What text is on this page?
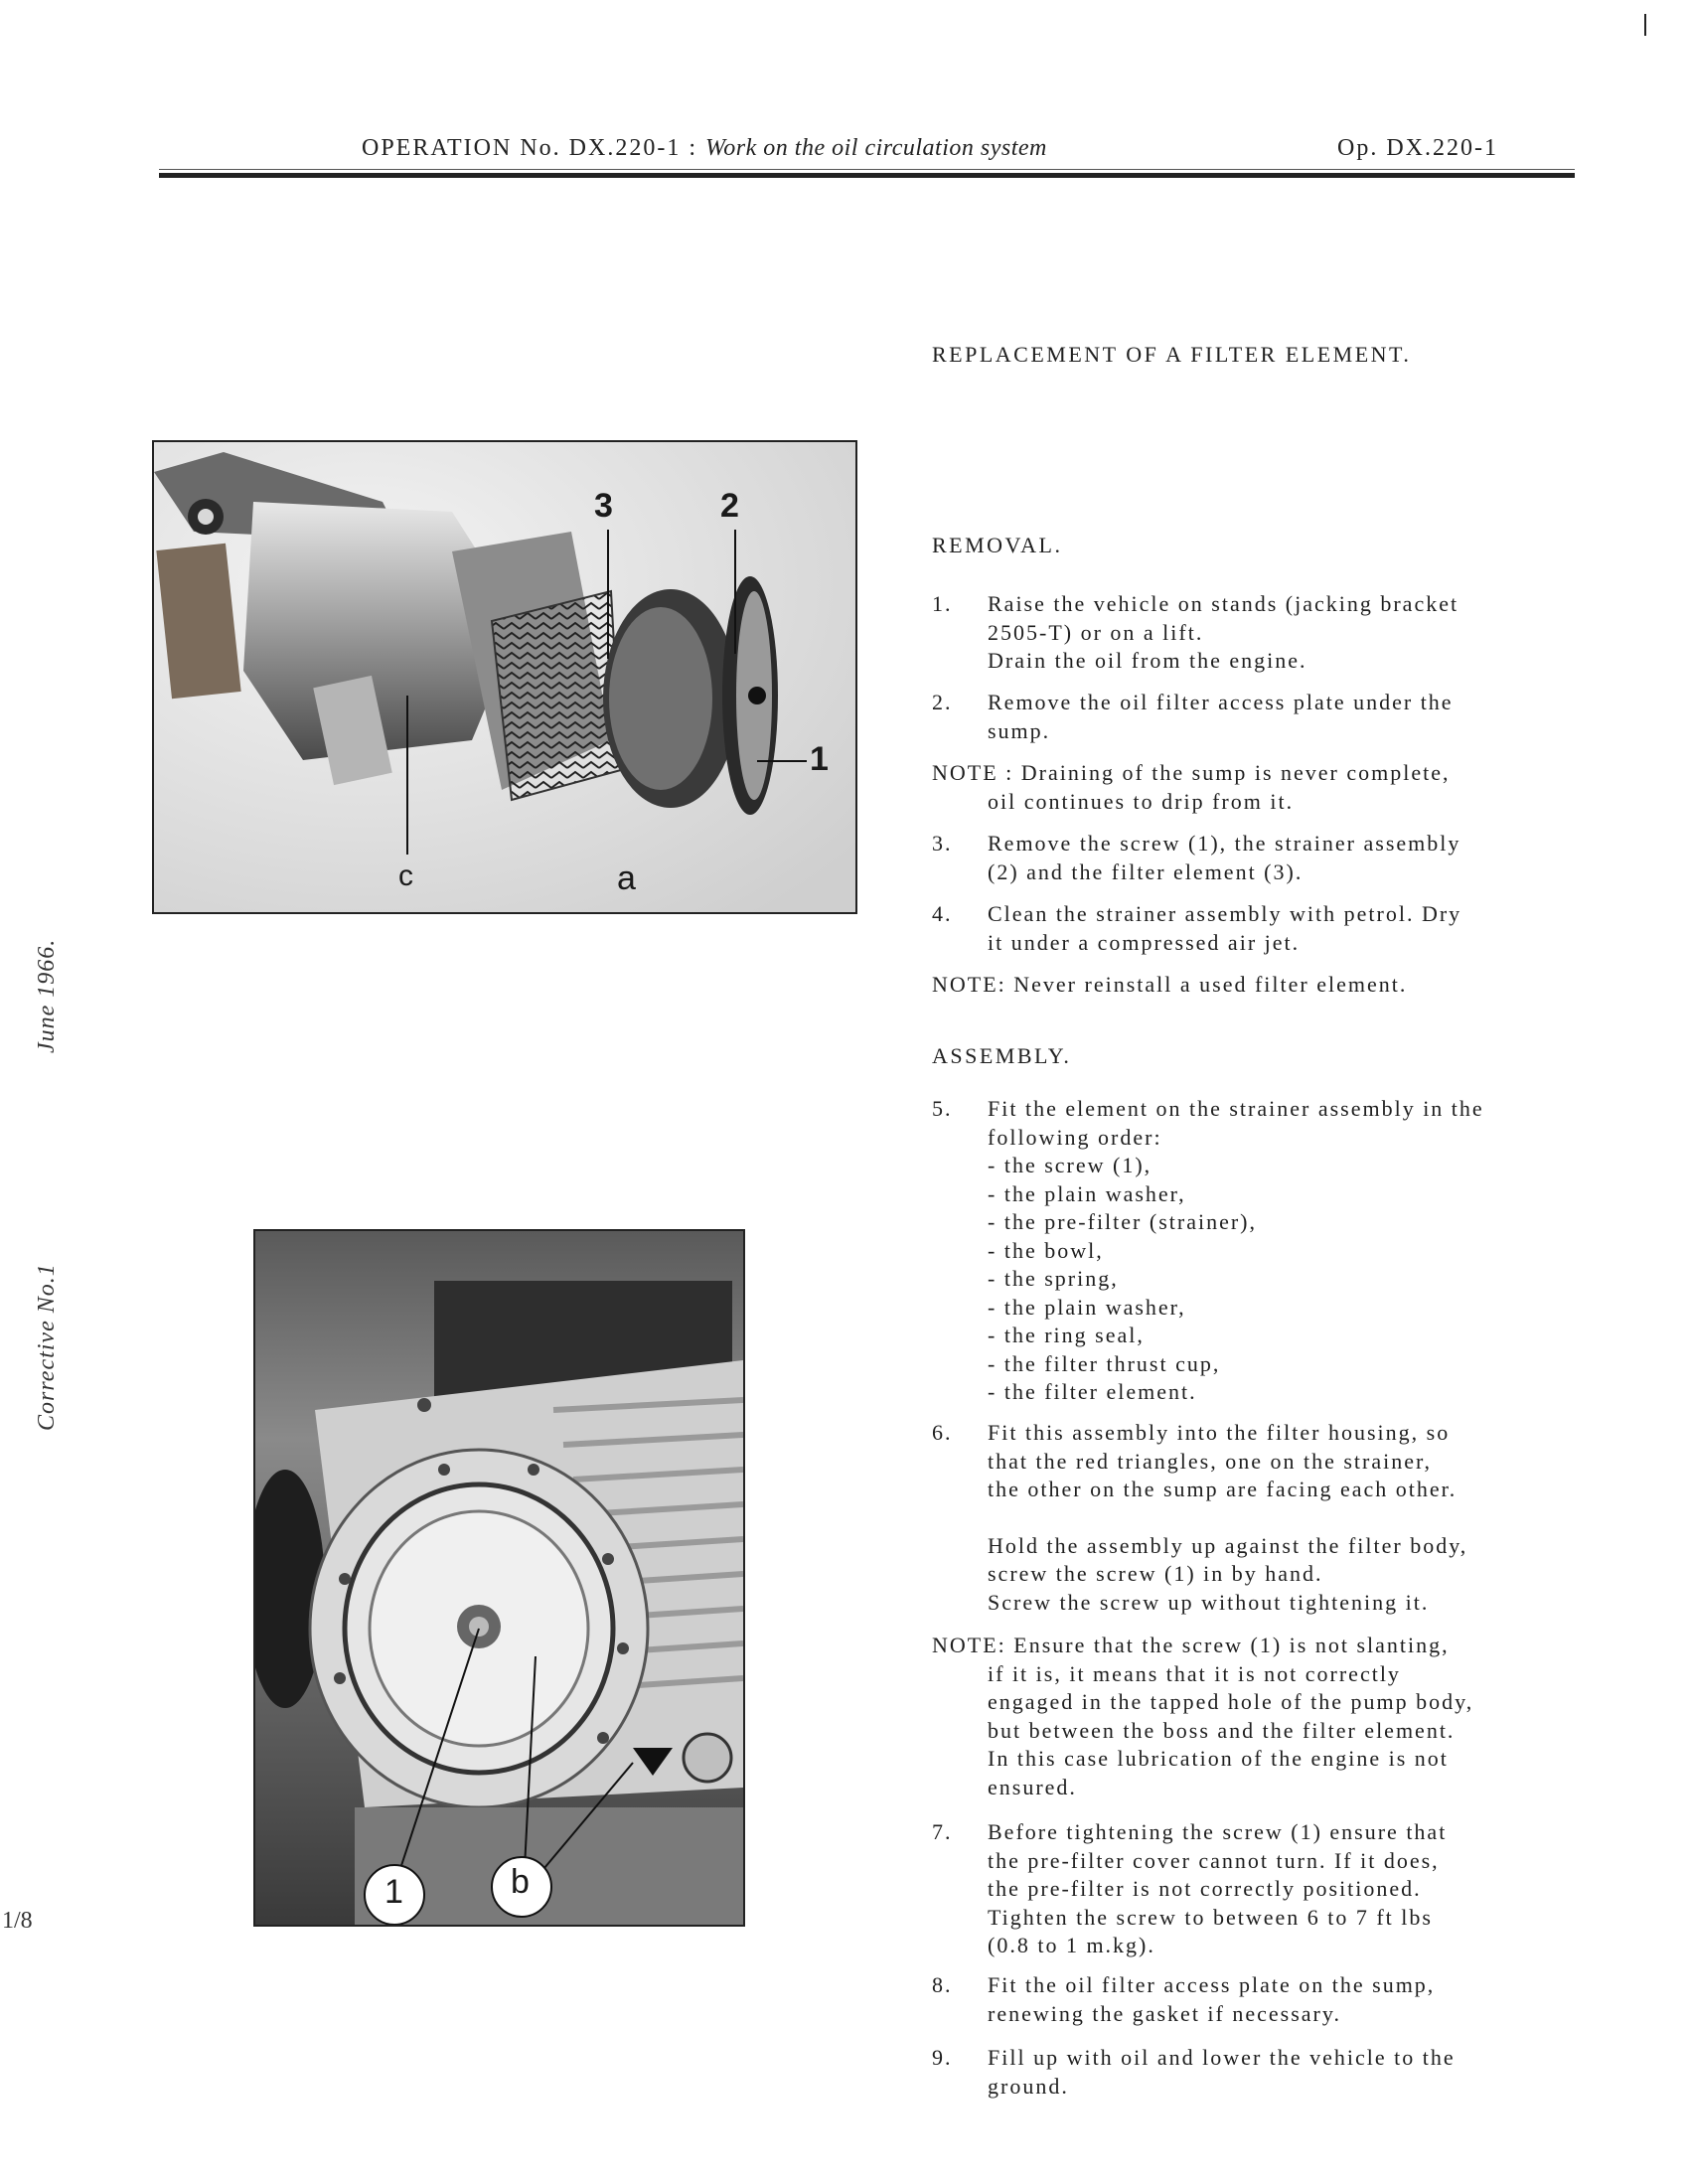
OPERATION No. DX.220-1 : Work on the oil circulation system	Op. DX.220-1
June 1966.
Corrective No.1
1/8
REPLACEMENT OF A FILTER ELEMENT.
3	2
1
c	a
1	b
REMOVAL.
1. Raise the vehicle on stands (jacking bracket
2505-T) or on a lift.
Drain the oil from the engine.
2. Remove the oil filter access plate under the
sump.
NOTE : Draining of the sump is never complete,
oil continues to drip from it.
3. Remove the screw (1), the strainer assembly
(2) and the filter element (3).
4. Clean the strainer assembly with petrol. Dry
it under a compressed air jet.
NOTE: Never reinstall a used filter element.
ASSEMBLY.
5. Fit the element on the strainer assembly in the
following order:
- the screw (1),
- the plain washer,
- the pre-filter (strainer),
- the bowl,
- the spring,
- the plain washer,
- the ring seal,
- the filter thrust cup,
- the filter element.
6. Fit this assembly into the filter housing, so
that the red triangles, one on the strainer,
the other on the sump are facing each other.
Hold the assembly up against the filter body,
screw the screw (1) in by hand.
Screw the screw up without tightening it.
NOTE: Ensure that the screw (1) is not slanting,
if it is, it means that it is not correctly
engaged in the tapped hole of the pump body,
but between the boss and the filter element.
In this case lubrication of the engine is not
ensured.
7. Before tightening the screw (1) ensure that
the pre-filter cover cannot turn. If it does,
the pre-filter is not correctly positioned.
Tighten the screw to between 6 to 7 ft lbs
(0.8 to 1 m.kg).
8. Fit the oil filter access plate on the sump,
renewing the gasket if necessary.
9. Fill up with oil and lower the vehicle to the
ground.
